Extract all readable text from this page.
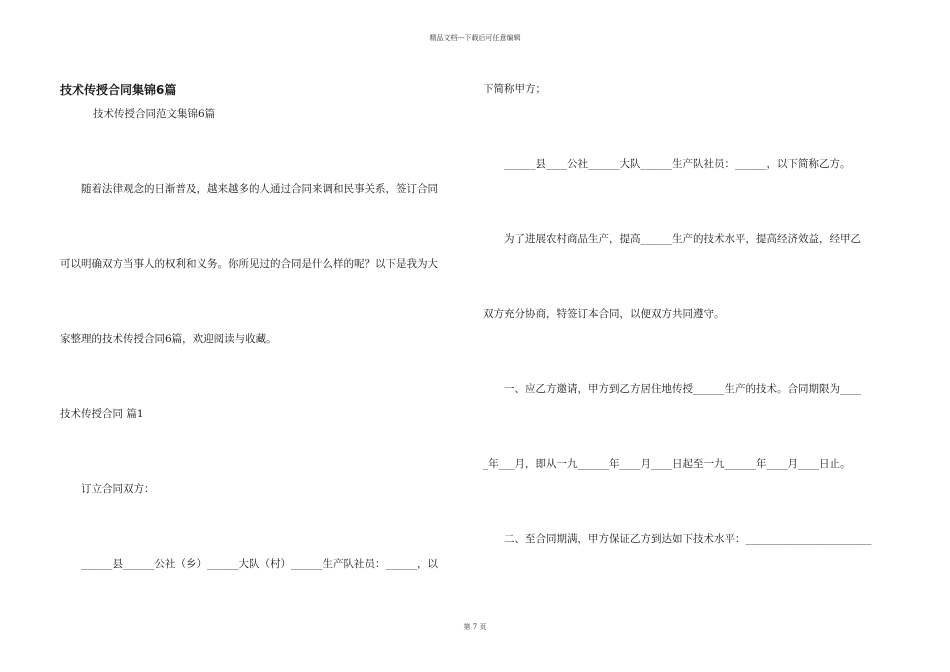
精品文档---下载后可任意编辑
技术传授合同集锦6篇
技术传授合同范文集锦6篇
随着法律观念的日渐普及，越来越多的人通过合同来调和民事关系，签订合同
可以明确双方当事人的权利和义务。你所见过的合同是什么样的呢？以下是我为大
家整理的技术传授合同6篇，欢迎阅读与收藏。
技术传授合同 篇1
订立合同双方：
______县______公社（乡）______大队（村）______生产队社员：______，以
下简称甲方；
______县____公社______大队______生产队社员：______，以下简称乙方。
为了进展农村商品生产，提高______生产的技术水平，提高经济效益，经甲乙
双方充分协商，特签订本合同，以便双方共同遵守。
一、应乙方邀请，甲方到乙方居住地传授______生产的技术。合同期限为____
_年___月，即从一九______年____月____日起至一九______年____月____日止。
二、至合同期满，甲方保证乙方到达如下技术水平：________________________
第 7 页
